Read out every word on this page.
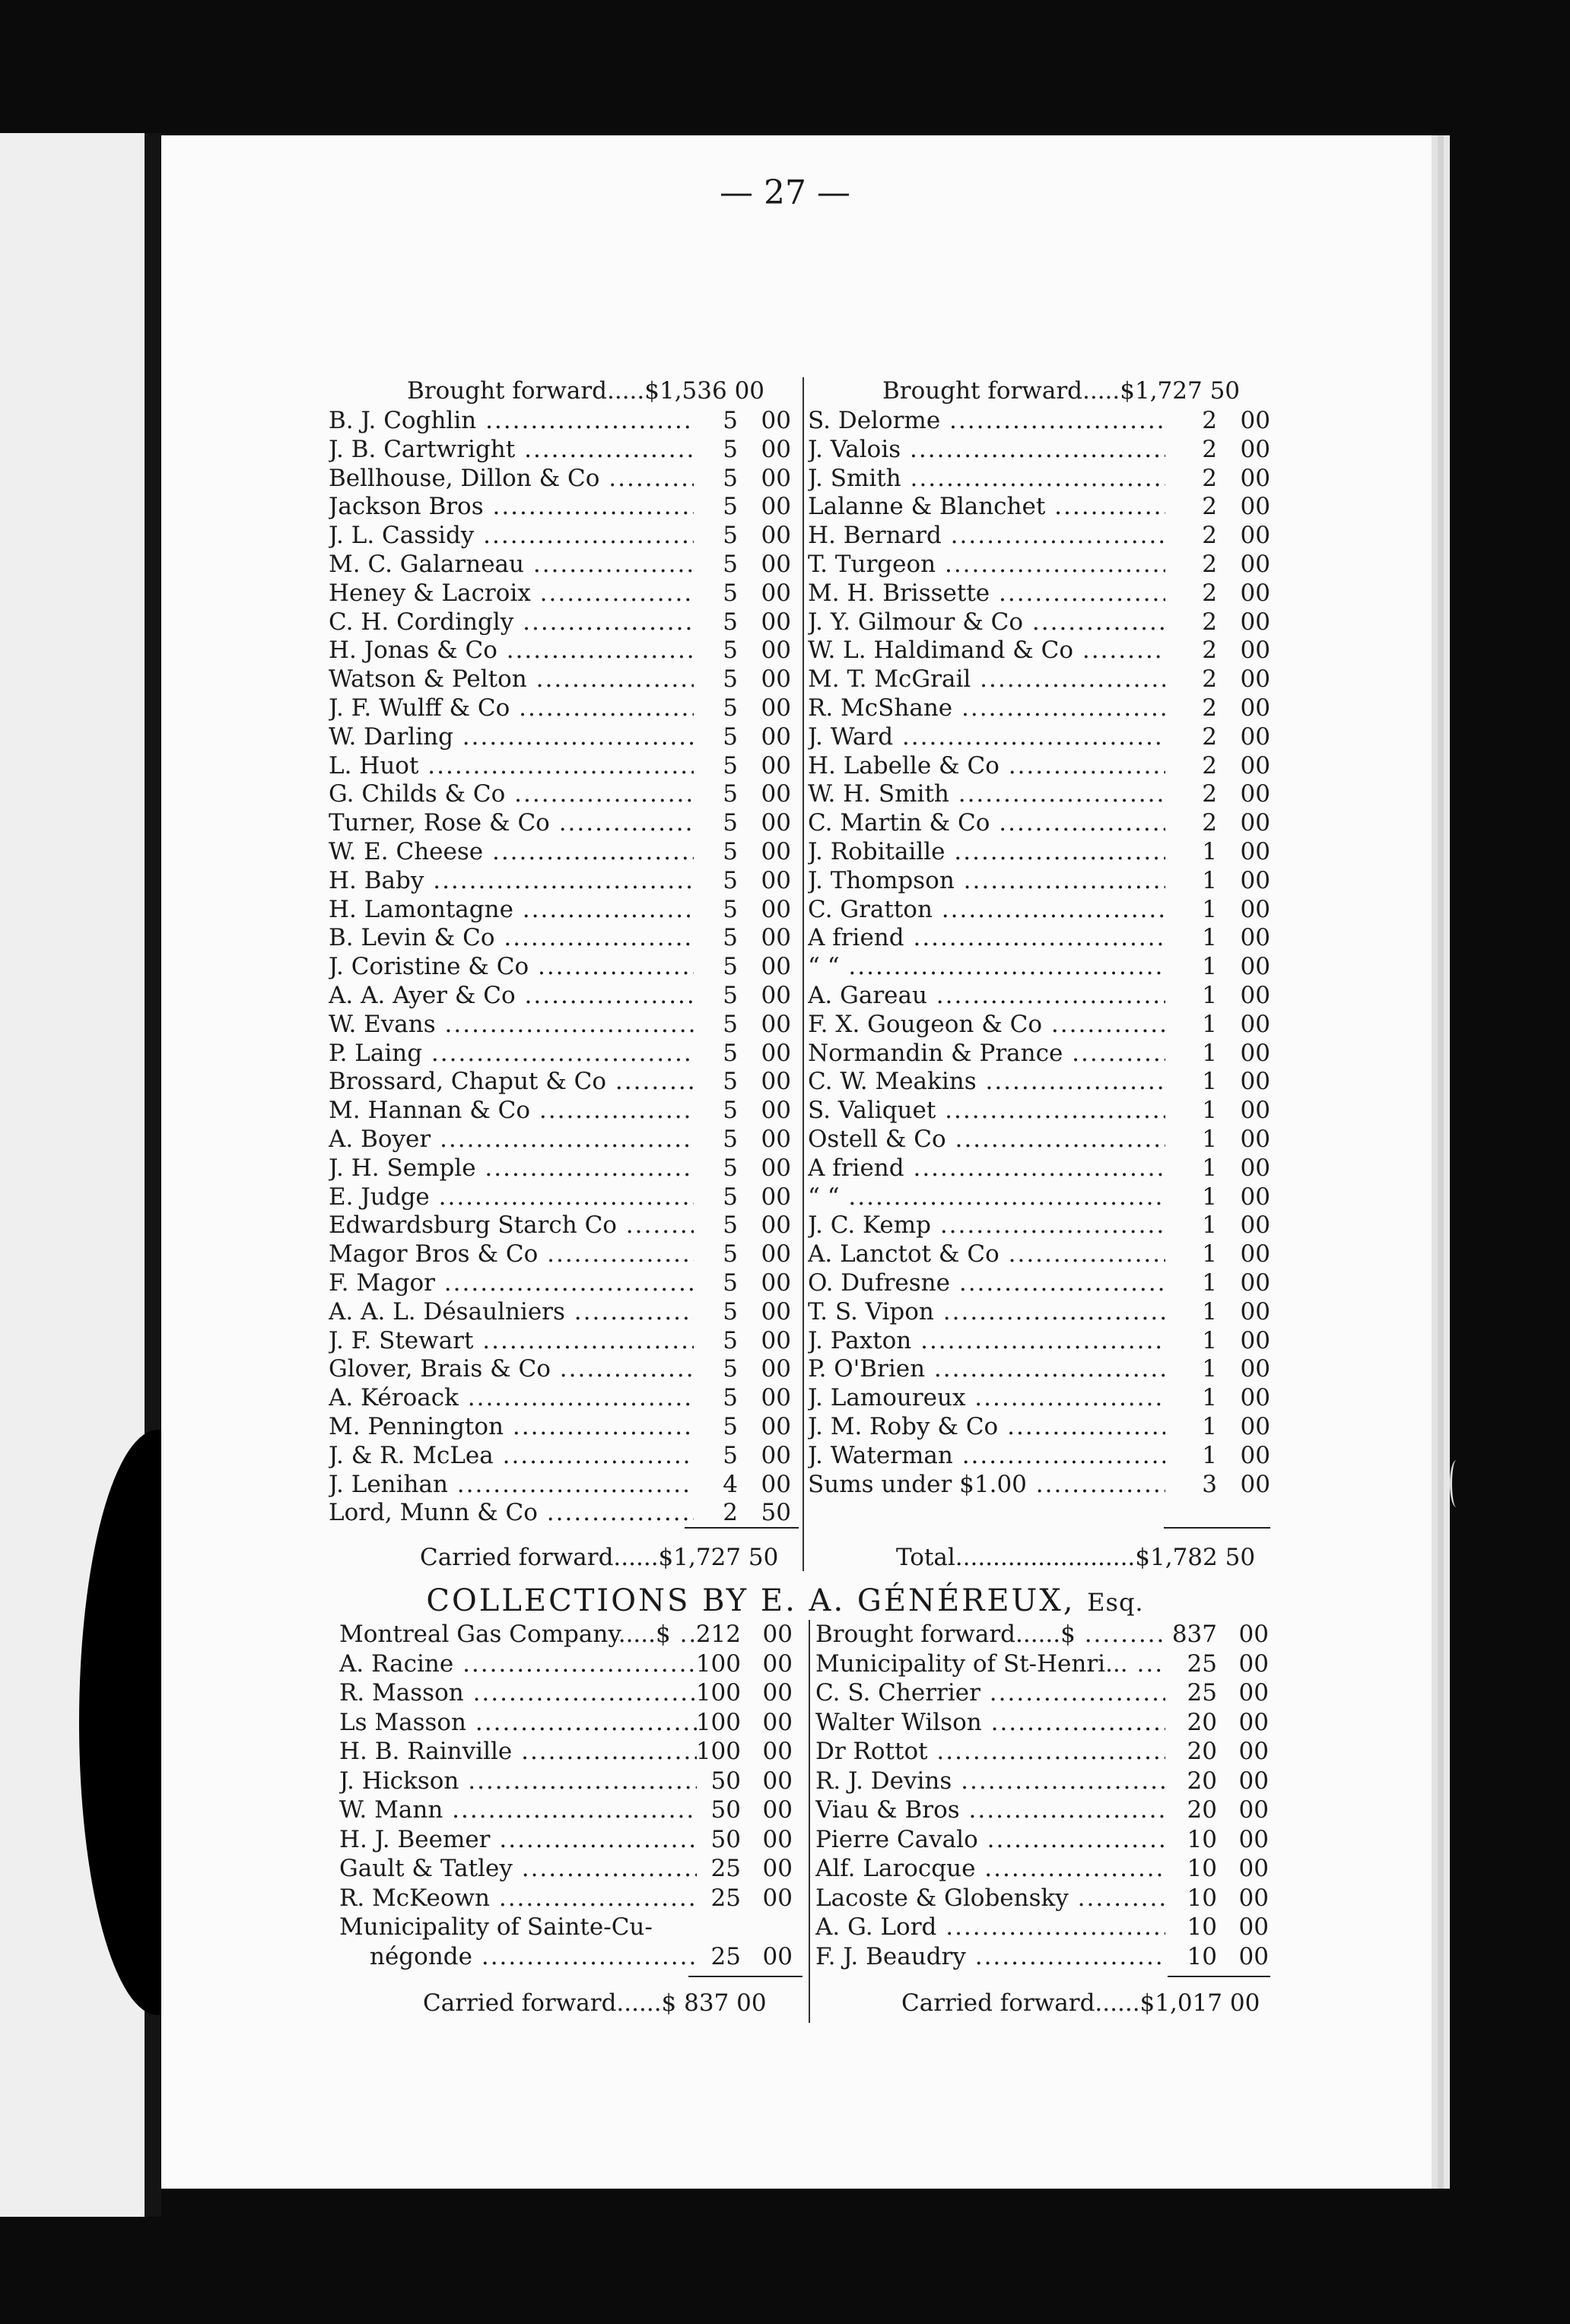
— 27 —
Brought forward.....$1,536 00
B. J. Coghlin .....	5 00
J. B. Cartwright .....	5 00
Bellhouse, Dillon & Co .....	5 00
Jackson Bros .....	5 00
J. L. Cassidy .....	5 00
M. C. Galarneau .....	5 00
Heney & Lacroix .....	5 00
C. H. Cordingly .....	5 00
H. Jonas & Co .....	5 00
Watson & Pelton .....	5 00
J. F. Wulff & Co .....	5 00
W. Darling .....	5 00
L. Huot .....	5 00
G. Childs & Co .....	5 00
Turner, Rose & Co .....	5 00
W. E. Cheese .....	5 00
H. Baby .....	5 00
H. Lamontagne .....	5 00
B. Levin & Co .....	5 00
J. Coristine & Co .....	5 00
A. A. Ayer & Co .....	5 00
W. Evans .....	5 00
P. Laing .....	5 00
Brossard, Chaput & Co .....	5 00
M. Hannan & Co .....	5 00
A. Boyer .....	5 00
J. H. Semple .....	5 00
E. Judge .....	5 00
Edwardsburg Starch Co .....	5 00
Magor Bros & Co .....	5 00
F. Magor .....	5 00
A. A. L. Désaulniers .....	5 00
J. F. Stewart .....	5 00
Glover, Brais & Co .....	5 00
A. Kéroack .....	5 00
M. Pennington .....	5 00
J. & R. McLea .....	5 00
J. Lenihan .....	4 00
Lord, Munn & Co .....	2 50
Brought forward.....$1,727 50
S. Delorme .....	2 00
J. Valois .....	2 00
J. Smith .....	2 00
Lalanne & Blanchet .....	2 00
H. Bernard .....	2 00
T. Turgeon .....	2 00
M. H. Brissette .....	2 00
J. Y. Gilmour & Co .....	2 00
W. L. Haldimand & Co .....	2 00
M. T. McGrail .....	2 00
R. McShane .....	2 00
J. Ward .....	2 00
H. Labelle & Co .....	2 00
W. H. Smith .....	2 00
C. Martin & Co .....	2 00
J. Robitaille .....	1 00
J. Thompson .....	1 00
C. Gratton .....	1 00
A friend .....	1 00
“ “ .....	1 00
A. Gareau .....	1 00
F. X. Gougeon & Co .....	1 00
Normandin & Prance .....	1 00
C. W. Meakins .....	1 00
S. Valiquet .....	1 00
Ostell & Co .....	1 00
A friend .....	1 00
“ “ .....	1 00
J. C. Kemp .....	1 00
A. Lanctot & Co .....	1 00
O. Dufresne .....	1 00
T. S. Vipon .....	1 00
J. Paxton .....	1 00
P. O'Brien .....	1 00
J. Lamoureux .....	1 00
J. M. Roby & Co .....	1 00
J. Waterman .....	1 00
Sums under $1.00 .....	3 00
Carried forward......$1,727 50	Total........................$1,782 50
COLLECTIONS BY E. A. GÉNÉREUX, Esq.
Montreal Gas Company.....$ .....	212 00
A. Racine .....	100 00
R. Masson .....	100 00
Ls Masson .....	100 00
H. B. Rainville .....	100 00
J. Hickson .....	50 00
W. Mann .....	50 00
H. J. Beemer .....	50 00
Gault & Tatley .....	25 00
R. McKeown .....	25 00
Municipality of Sainte-Cu-
négonde .....	25 00
Brought forward......$ .....	837 00
Municipality of St-Henri... .....	25 00
C. S. Cherrier .....	25 00
Walter Wilson .....	20 00
Dr Rottot .....	20 00
R. J. Devins .....	20 00
Viau & Bros .....	20 00
Pierre Cavalo .....	10 00
Alf. Larocque .....	10 00
Lacoste & Globensky .....	10 00
A. G. Lord .....	10 00
F. J. Beaudry .....	10 00
Carried forward......$ 837 00	Carried forward......$1,017 00
